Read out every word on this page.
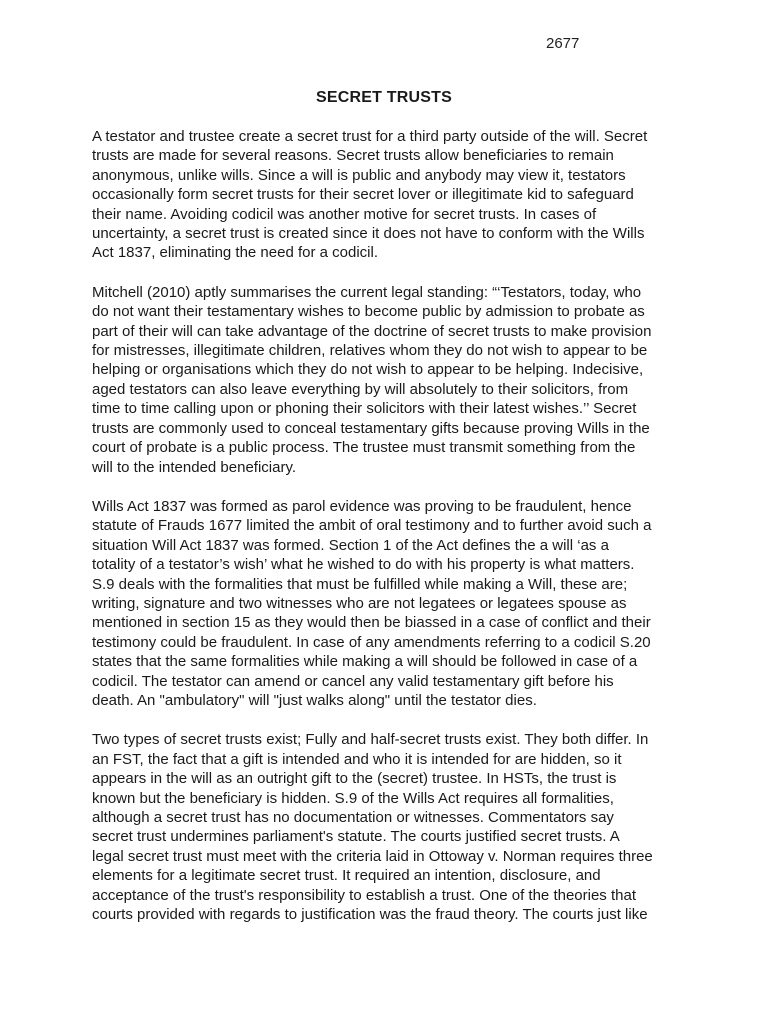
2677
SECRET TRUSTS

A testator and trustee create a secret trust for a third party outside of the will. Secret
trusts are made for several reasons. Secret trusts allow beneficiaries to remain
anonymous, unlike wills. Since a will is public and anybody may view it, testators
occasionally form secret trusts for their secret lover or illegitimate kid to safeguard
their name. Avoiding codicil was another motive for secret trusts. In cases of
uncertainty, a secret trust is created since it does not have to conform with the Wills
Act 1837, eliminating the need for a codicil.

Mitchell (2010) aptly summarises the current legal standing: “‘Testators, today, who
do not want their testamentary wishes to become public by admission to probate as
part of their will can take advantage of the doctrine of secret trusts to make provision
for mistresses, illegitimate children, relatives whom they do not wish to appear to be
helping or organisations which they do not wish to appear to be helping. Indecisive,
aged testators can also leave everything by will absolutely to their solicitors, from
time to time calling upon or phoning their solicitors with their latest wishes.’’ Secret
trusts are commonly used to conceal testamentary gifts because proving Wills in the
court of probate is a public process. The trustee must transmit something from the
will to the intended beneficiary.

Wills Act 1837 was formed as parol evidence was proving to be fraudulent, hence
statute of Frauds 1677 limited the ambit of oral testimony and to further avoid such a
situation Will Act 1837 was formed. Section 1 of the Act defines the a will ‘as a
totality of a testator’s wish’ what he wished to do with his property is what matters.
S.9 deals with the formalities that must be fulfilled while making a Will, these are;
writing, signature and two witnesses who are not legatees or legatees spouse as
mentioned in section 15 as they would then be biassed in a case of conflict and their
testimony could be fraudulent. In case of any amendments referring to a codicil S.20
states that the same formalities while making a will should be followed in case of a
codicil. The testator can amend or cancel any valid testamentary gift before his
death. An "ambulatory" will "just walks along" until the testator dies.

Two types of secret trusts exist; Fully and half-secret trusts exist. They both differ. In
an FST, the fact that a gift is intended and who it is intended for are hidden, so it
appears in the will as an outright gift to the (secret) trustee. In HSTs, the trust is
known but the beneficiary is hidden. S.9 of the Wills Act requires all formalities,
although a secret trust has no documentation or witnesses. Commentators say
secret trust undermines parliament's statute. The courts justified secret trusts. A
legal secret trust must meet with the criteria laid in Ottoway v. Norman requires three
elements for a legitimate secret trust. It required an intention, disclosure, and
acceptance of the trust's responsibility to establish a trust. One of the theories that
courts provided with regards to justification was the fraud theory. The courts just like
